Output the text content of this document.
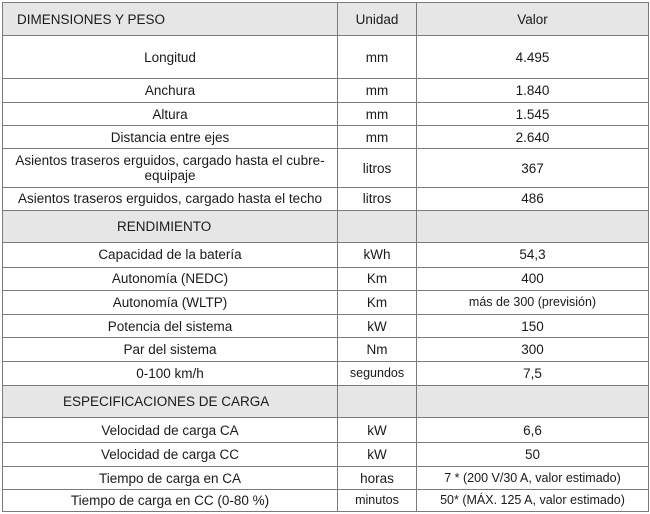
DIMENSIONES Y PESO	Unidad	Valor
Longitud	mm	4.495
Anchura	mm	1.840
Altura	mm	1.545
Distancia entre ejes	mm	2.640
Asientos traseros erguidos, cargado hasta el cubre-equipaje	litros	367
Asientos traseros erguidos, cargado hasta el techo	litros	486
RENDIMIENTO		
Capacidad de la batería	kWh	54,3
Autonomía (NEDC)	Km	400
Autonomía (WLTP)	Km	más de 300 (previsión)
Potencia del sistema	kW	150
Par del sistema	Nm	300
0-100 km/h	segundos	7,5
ESPECIFICACIONES DE CARGA		
Velocidad de carga CA	kW	6,6
Velocidad de carga CC	kW	50
Tiempo de carga en CA	horas	7 * (200 V/30 A, valor estimado)
Tiempo de carga en CC (0-80 %)	minutos	50* (MÁX. 125 A, valor estimado)
